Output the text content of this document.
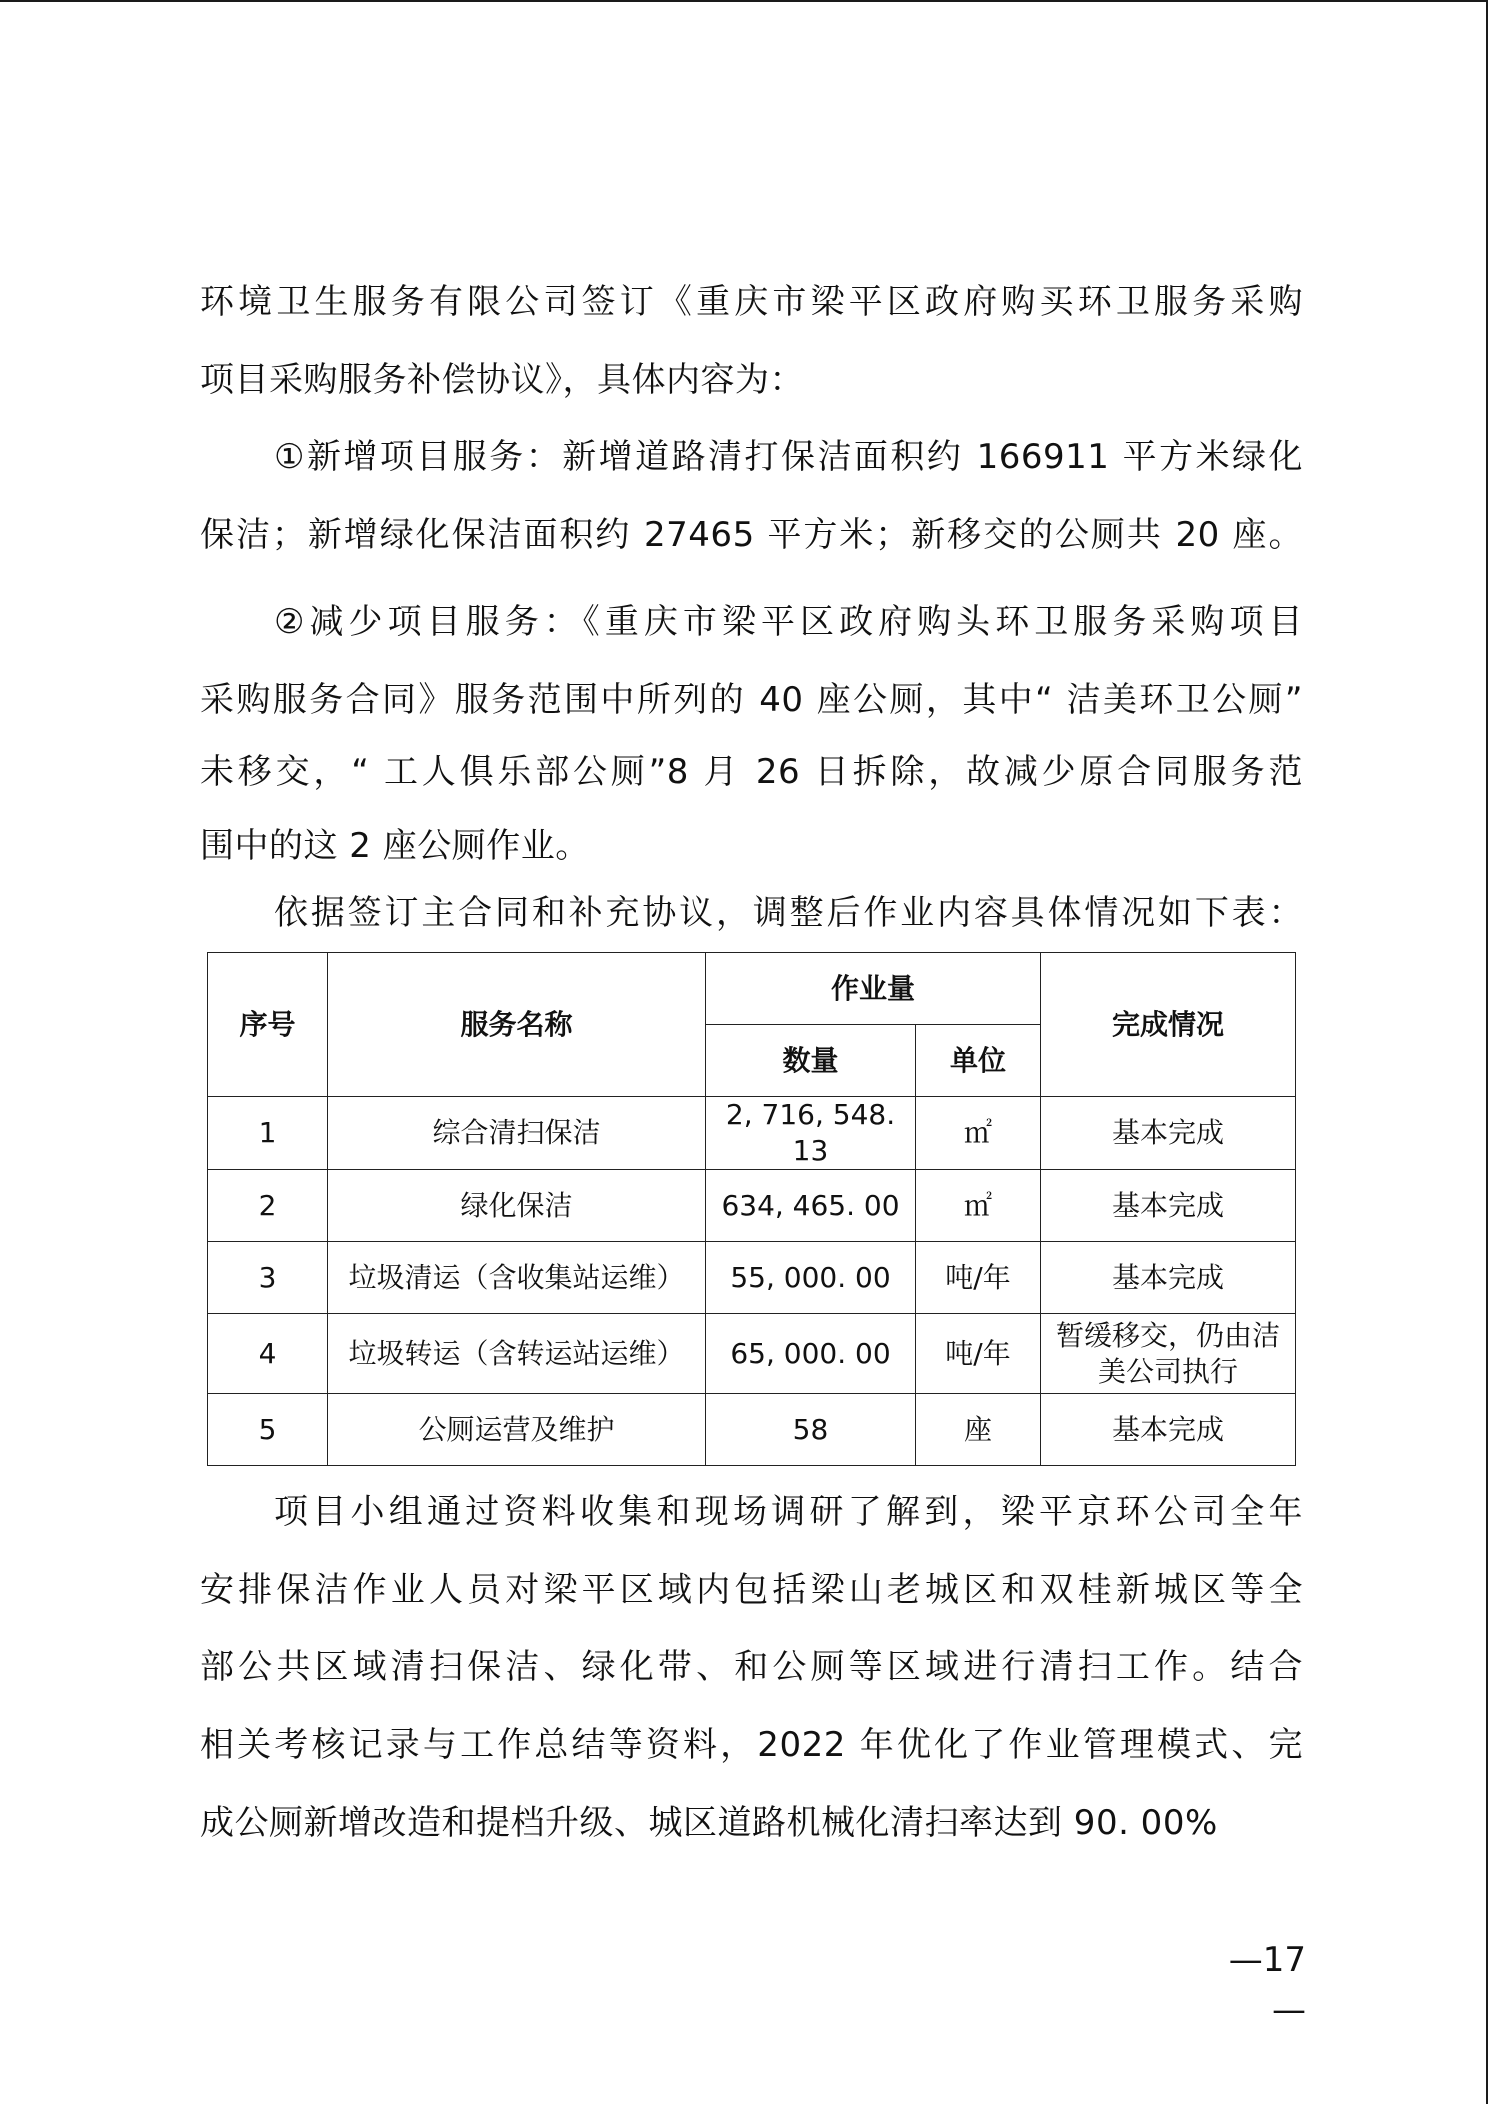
环境卫生服务有限公司签订《重庆市梁平区政府购买环卫服务采购
项目采购服务补偿协议》，具体内容为：
①新增项目服务：新增道路清打保洁面积约 166911 平方米绿化
保洁；新增绿化保洁面积约 27465 平方米；新移交的公厕共 20 座。
②减少项目服务：《重庆市梁平区政府购头环卫服务采购项目
采购服务合同》服务范围中所列的 40 座公厕，其中“ 洁美环卫公厕”
未移交，“ 工人俱乐部公厕”8 月 26 日拆除，故减少原合同服务范
围中的这 2 座公厕作业。
依据签订主合同和补充协议，调整后作业内容具体情况如下表：
序号	服务名称	作业量		完成情况
		数量	单位	
1	综合清扫保洁	2, 716, 548. 13	㎡	基本完成
2	绿化保洁	634, 465. 00	㎡	基本完成
3	垃圾清运（含收集站运维）	55, 000. 00	吨/年	基本完成
4	垃圾转运（含转运站运维）	65, 000. 00	吨/年	暂缓移交，仍由洁
美公司执行

5	公厕运营及维护	58	座	基本完成
项目小组通过资料收集和现场调研了解到，梁平京环公司全年
安排保洁作业人员对梁平区域内包括梁山老城区和双桂新城区等全
部公共区域清扫保洁、绿化带、和公厕等区域进行清扫工作。结合
相关考核记录与工作总结等资料，2022 年优化了作业管理模式、完
成公厕新增改造和提档升级、城区道路机械化清扫率达到 90. 00%
—17—
